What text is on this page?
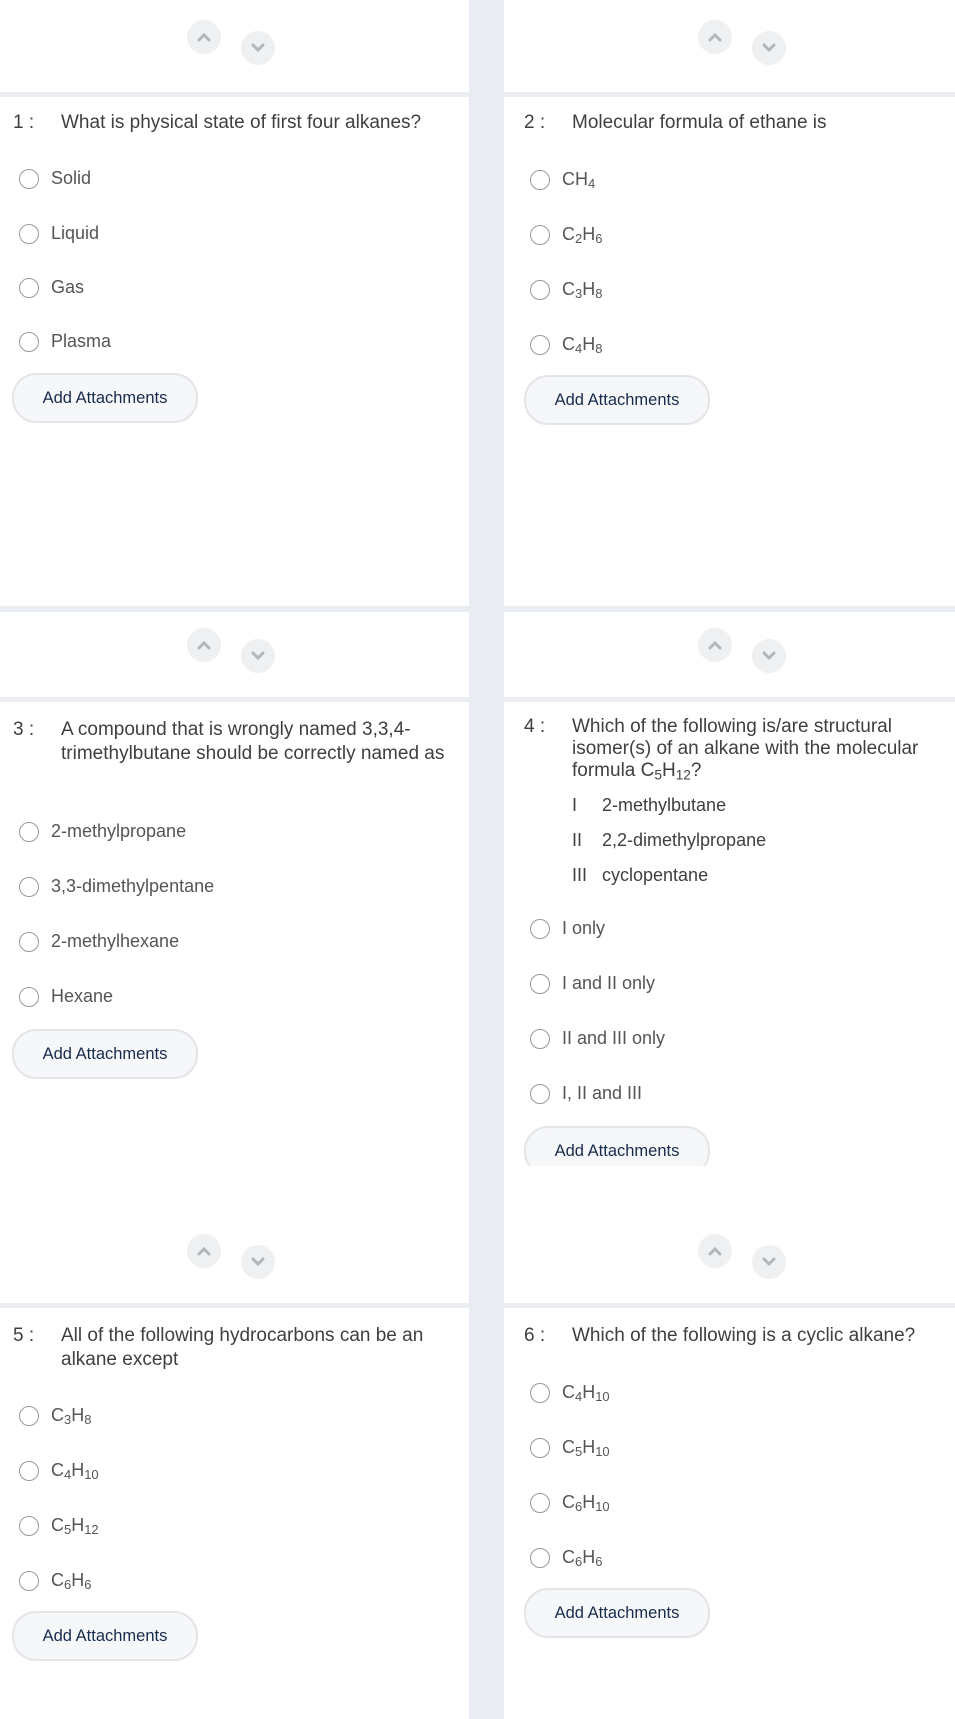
1 :	What is physical state of first four alkanes?
Solid
Liquid
Gas
Plasma
Add Attachments
2 :	Molecular formula of ethane is
$CH_4$
$C_2H_6$
$C_3H_8$
$C_4H_8$
Add Attachments
3 :	A compound that is wrongly named 3,3,4-trimethylbutane should be correctly named as
2-methylpropane
3,3-dimethylpentane
2-methylhexane
Hexane
Add Attachments
4 :	Which of the following is/are structural isomer(s) of an alkane with the molecular formula $C_5H_{12}$?
I	2-methylbutane
II	2,2-dimethylpropane
III cyclopentane
I only
I and II only
II and III only
I, II and III
Add Attachments
5 :	All of the following hydrocarbons can be an alkane except
$C_3H_8$
$C_4H_{10}$
$C_5H_{12}$
$C_6H_6$
Add Attachments
6 :	Which of the following is a cyclic alkane?
$C_4H_{10}$
$C_5H_{10}$
$C_6H_{10}$
$C_6H_6$
Add Attachments
